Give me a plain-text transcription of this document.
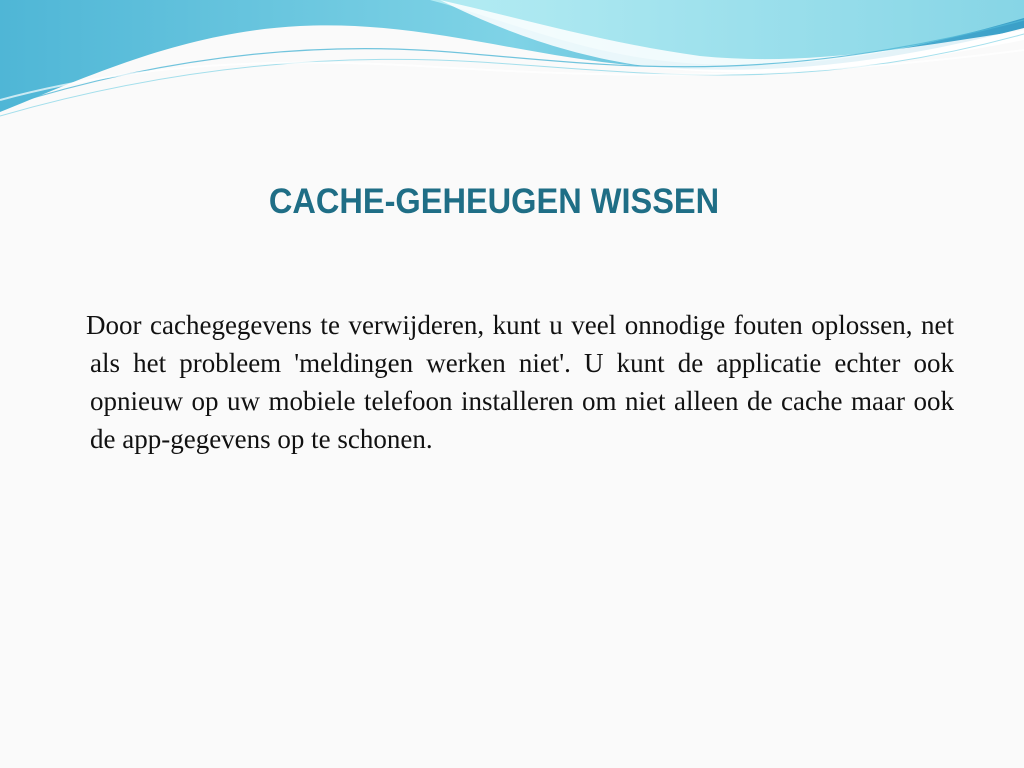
CACHE-GEHEUGEN WISSEN
Door cachegegevens te verwijderen, kunt u veel onnodige fouten oplossen, net als het probleem 'meldingen werken niet'. U kunt de applicatie echter ook opnieuw op uw mobiele telefoon installeren om niet alleen de cache maar ook de app-gegevens op te schonen.
